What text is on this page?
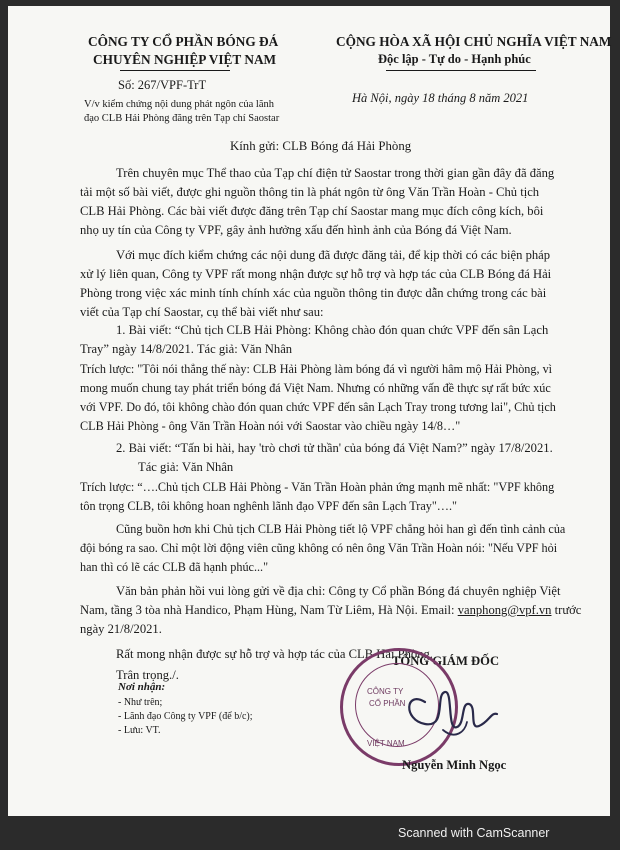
CÔNG TY CỔ PHẦN BÓNG ĐÁ
CHUYÊN NGHIỆP VIỆT NAM
Số: 267/VPF-TrT
V/v kiểm chứng nội dung phát ngôn của lãnh
đạo CLB Hải Phòng đăng trên Tạp chí Saostar
CỘNG HÒA XÃ HỘI CHỦ NGHĨA VIỆT NAM
Độc lập - Tự do - Hạnh phúc
Hà Nội, ngày 18 tháng 8 năm 2021
Kính gửi: CLB Bóng đá Hải Phòng
Trên chuyên mục Thể thao của Tạp chí điện tử Saostar trong thời gian gần đây đã đăng
tải một số bài viết, được ghi nguồn thông tin là phát ngôn từ ông Văn Trần Hoàn - Chủ tịch
CLB Hải Phòng. Các bài viết được đăng trên Tạp chí Saostar mang mục đích công kích, bôi
nhọ uy tín của Công ty VPF, gây ảnh hưởng xấu đến hình ảnh của Bóng đá Việt Nam.
Với mục đích kiểm chứng các nội dung đã được đăng tải, để kịp thời có các biện pháp
xử lý liên quan, Công ty VPF rất mong nhận được sự hỗ trợ và hợp tác của CLB Bóng đá Hải
Phòng trong việc xác minh tính chính xác của nguồn thông tin được dẫn chứng trong các bài
viết của Tạp chí Saostar, cụ thể bài viết như sau:
1. Bài viết: “Chủ tịch CLB Hải Phòng: Không chào đón quan chức VPF đến sân Lạch
Tray” ngày 14/8/2021. Tác giả: Văn Nhân
Trích lược: "Tôi nói thẳng thế này: CLB Hải Phòng làm bóng đá vì người hâm mộ Hải Phòng, vì
mong muốn chung tay phát triển bóng đá Việt Nam. Nhưng có những vấn đề thực sự rất bức xúc
với VPF. Do đó, tôi không chào đón quan chức VPF đến sân Lạch Tray trong tương lai", Chủ tịch
CLB Hải Phòng - ông Văn Trần Hoàn nói với Saostar vào chiều ngày 14/8…"
2. Bài viết: “Tấn bi hài, hay 'trò chơi tử thần' của bóng đá Việt Nam?” ngày 17/8/2021.
Tác giả: Văn Nhân
Trích lược: “….Chủ tịch CLB Hải Phòng - Văn Trần Hoàn phản ứng mạnh mẽ nhất: "VPF không
tôn trọng CLB, tôi không hoan nghênh lãnh đạo VPF đến sân Lạch Tray"…."
Cũng buồn hơn khi Chủ tịch CLB Hải Phòng tiết lộ VPF chẳng hỏi han gì đến tình cảnh của
đội bóng ra sao. Chỉ một lời động viên cũng không có nên ông Văn Trần Hoàn nói: "Nếu VPF hỏi
han thì có lẽ các CLB đã hạnh phúc..."
Văn bản phản hồi vui lòng gửi về địa chỉ: Công ty Cổ phần Bóng đá chuyên nghiệp Việt
Nam, tầng 3 tòa nhà Handico, Phạm Hùng, Nam Từ Liêm, Hà Nội. Email: vanphong@vpf.vn trước
ngày 21/8/2021.
Rất mong nhận được sự hỗ trợ và hợp tác của CLB Hải Phòng.
Trân trọng./.
Nơi nhận:
- Như trên;
- Lãnh đạo Công ty VPF (để b/c);
- Lưu: VT.
TỔNG GIÁM ĐỐC
CÔNG TY
CỔ PHẦN
VIỆT NAM
Nguyễn Minh Ngọc
Scanned with CamScanner
